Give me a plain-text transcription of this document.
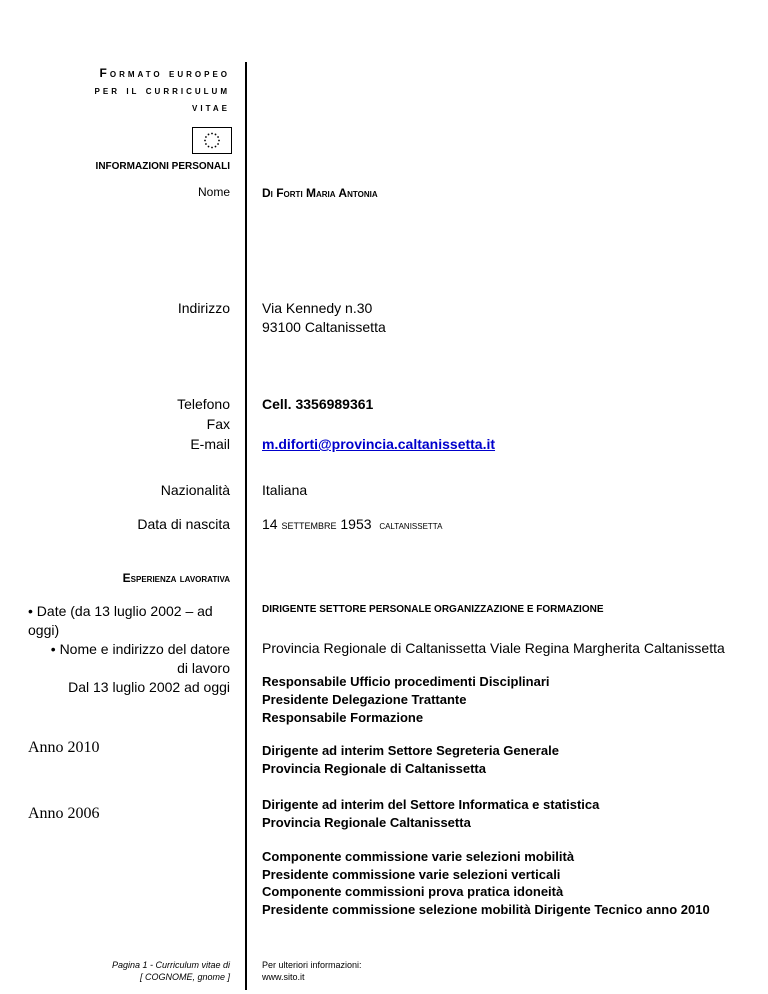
Formato europeo
per il curriculum
vitae
INFORMAZIONI PERSONALI
Nome	Di Forti Maria Antonia
Indirizzo Via Kennedy n.30
93100 Caltanissetta
Telefono Cell. 3356989361
Fax
E-mail m.diforti@provincia.caltanissetta.it
Nazionalità Italiana
Data di nascita 14 settembre 1953 caltanissetta
Esperienza lavorativa
• Date (da 13 luglio 2002 – ad
oggi)
• Nome e indirizzo del datore
di lavoro
Dal 13 luglio 2002 ad oggi
DIRIGENTE SETTORE PERSONALE ORGANIZZAZIONE E FORMAZIONE
Provincia Regionale di Caltanissetta Viale Regina Margherita Caltanissetta
Responsabile Ufficio procedimenti Disciplinari
Presidente Delegazione Trattante
Responsabile Formazione
Anno 2010	Dirigente ad interim Settore Segreteria Generale
Provincia Regionale di Caltanissetta
Anno 2006
Dirigente ad interim del Settore Informatica e statistica
Provincia Regionale Caltanissetta
Componente commissione varie selezioni mobilità
Presidente commissione varie selezioni verticali
Componente commissioni prova pratica idoneità
Presidente commissione selezione mobilità Dirigente Tecnico anno 2010
Pagina 1 - Curriculum vitae di
[ COGNOME, gnome ]
Per ulteriori informazioni:
www.sito.it
